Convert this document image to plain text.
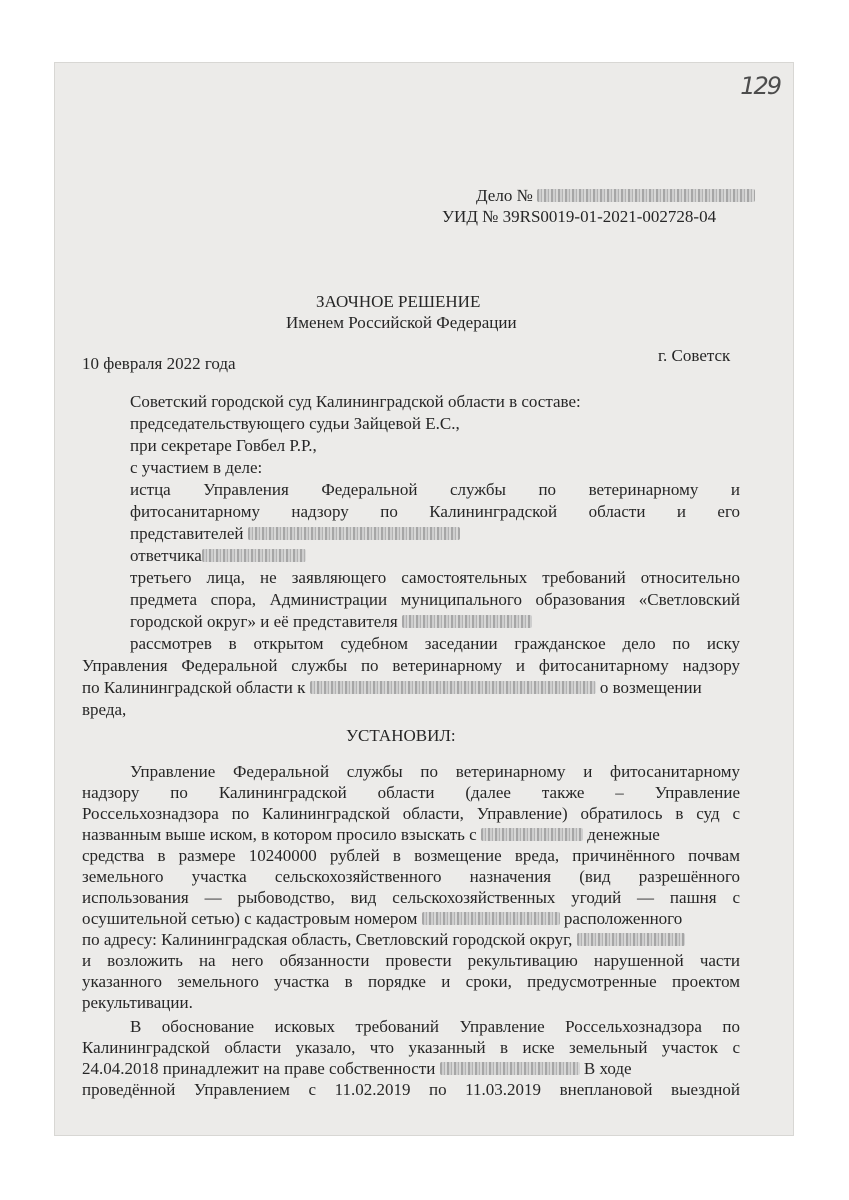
129
Дело №
УИД № 39RS0019-01-2021-002728-04
ЗАОЧНОЕ РЕШЕНИЕ
Именем Российской Федерации
10 февраля 2022 года	г. Советск
Советский городской суд Калининградской области в составе:
председательствующего судьи Зайцевой Е.С.,
при секретаре Говбел Р.Р.,
с участием в деле:
истца Управления Федеральной службы по ветеринарному и
фитосанитарному надзору по Калининградской области и его
представителей
ответчика
третьего лица, не заявляющего самостоятельных требований относительно
предмета спора, Администрации муниципального образования «Светловский
городской округ» и её представителя
рассмотрев в открытом судебном заседании гражданское дело по иску
Управления Федеральной службы по ветеринарному и фитосанитарному надзору
по Калининградской области к	о возмещении
вреда,
УСТАНОВИЛ:
Управление Федеральной службы по ветеринарному и фитосанитарному
надзору по Калининградской области (далее также – Управление
Россельхознадзора по Калининградской области, Управление) обратилось в суд с
названным выше иском, в котором просило взыскать с	денежные
средства в размере 10240000 рублей в возмещение вреда, причинённого почвам
земельного участка сельскохозяйственного назначения (вид разрешённого
использования — рыбоводство, вид сельскохозяйственных угодий — пашня с
осушительной сетью) с кадастровым номером	расположенного
по адресу: Калининградская область, Светловский городской округ,
и возложить на него обязанности провести рекультивацию нарушенной части
указанного земельного участка в порядке и сроки, предусмотренные проектом
рекультивации.
В обоснование исковых требований Управление Россельхознадзора по
Калининградской области указало, что указанный в иске земельный участок с
24.04.2018 принадлежит на праве собственности	В ходе
проведённой Управлением с 11.02.2019 по 11.03.2019 внеплановой выездной
